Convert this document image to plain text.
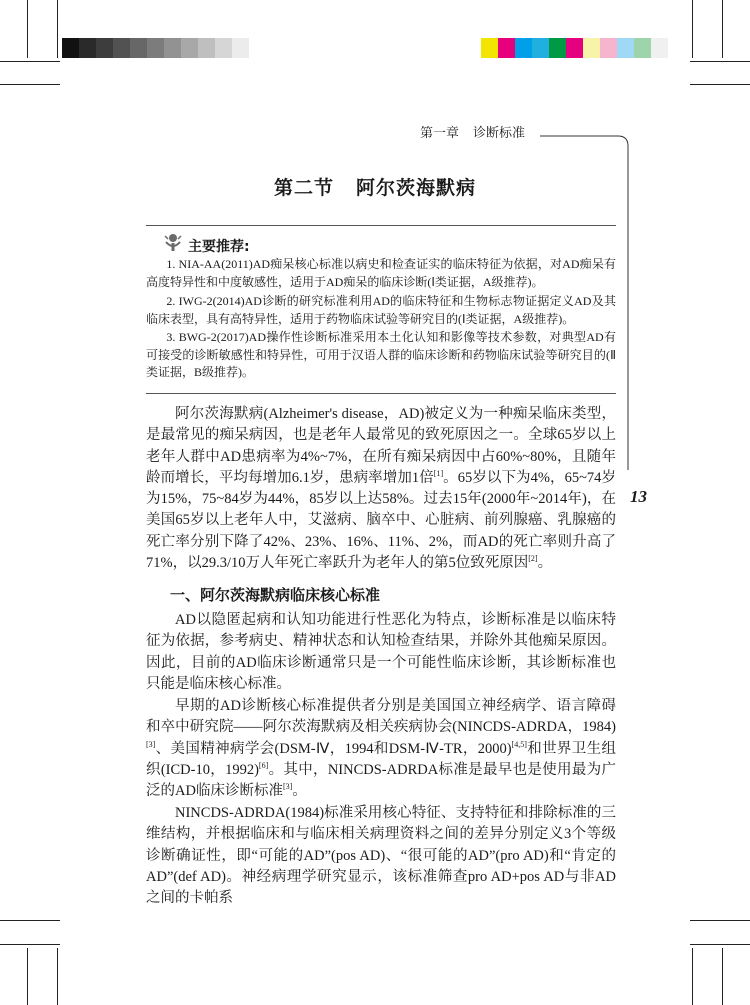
第一章 诊断标准
第二节 阿尔茨海默病
主要推荐:
1. NIA-AA(2011)AD痴呆核心标准以病史和检查证实的临床特征为依据，对AD痴呆有高度特异性和中度敏感性，适用于AD痴呆的临床诊断(Ⅰ类证据，A级推荐)。
2. IWG-2(2014)AD诊断的研究标准利用AD的临床特征和生物标志物证据定义AD及其临床表型，具有高特异性，适用于药物临床试验等研究目的(Ⅰ类证据，A级推荐)。
3. BWG-2(2017)AD操作性诊断标准采用本土化认知和影像等技术参数，对典型AD有可接受的诊断敏感性和特异性，可用于汉语人群的临床诊断和药物临床试验等研究目的(Ⅱ类证据，B级推荐)。

阿尔茨海默病(Alzheimer's disease，AD)被定义为一种痴呆临床类型，是最常见的痴呆病因，也是老年人最常见的致死原因之一。全球65岁以上老年人群中AD患病率为4%~7%，在所有痴呆病因中占60%~80%，且随年龄而增长，平均每增加6.1岁，患病率增加1倍[1]。65岁以下为4%，65~74岁为15%，75~84岁为44%，85岁以上达58%。过去15年(2000年~2014年)，在美国65岁以上老年人中，艾滋病、脑卒中、心脏病、前列腺癌、乳腺癌的死亡率分别下降了42%、23%、16%、11%、2%，而AD的死亡率则升高了71%，以29.3/10万人年死亡率跃升为老年人的第5位致死原因[2]。

13
一、阿尔茨海默病临床核心标准

AD以隐匿起病和认知功能进行性恶化为特点，诊断标准是以临床特征为依据，参考病史、精神状态和认知检查结果，并除外其他痴呆原因。因此，目前的AD临床诊断通常只是一个可能性临床诊断，其诊断标准也只能是临床核心标准。

早期的AD诊断核心标准提供者分别是美国国立神经病学、语言障碍和卒中研究院——阿尔茨海默病及相关疾病协会(NINCDS-ADRDA，1984)[3]、美国精神病学会(DSM-Ⅳ，1994和DSM-Ⅳ-TR，2000)[4,5]和世界卫生组织(ICD-10，1992)[6]。其中，NINCDS-ADRDA标准是最早也是使用最为广泛的AD临床诊断标准[3]。

NINCDS-ADRDA(1984)标准采用核心特征、支持特征和排除标准的三维结构，并根据临床和与临床相关病理资料之间的差异分别定义3个等级诊断确证性，即“可能的AD”(pos AD)、“很可能的AD”(pro AD)和“肯定的AD”(def AD)。神经病理学研究显示，该标准筛查pro AD+pos AD与非AD之间的卡帕系
